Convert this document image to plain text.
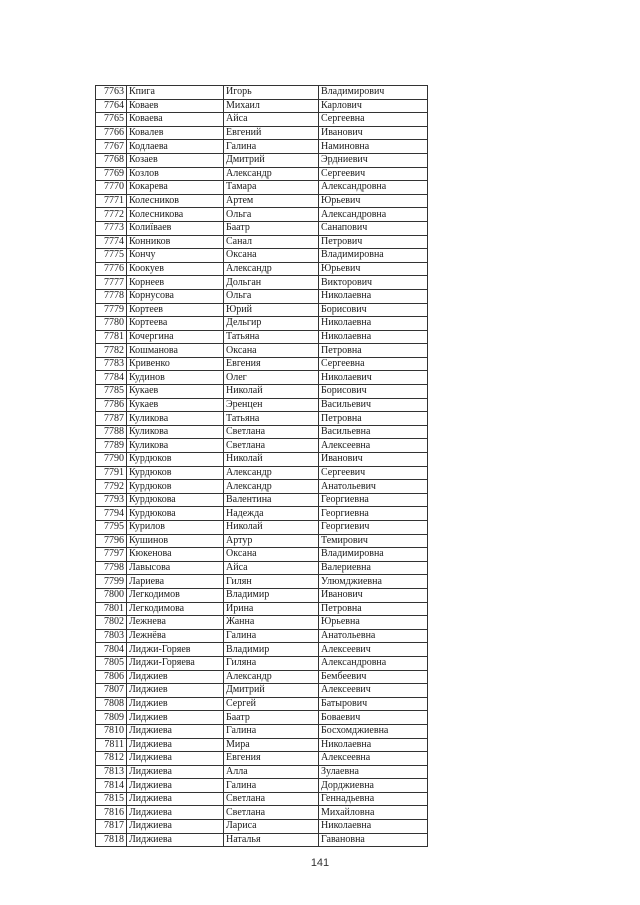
7763	Кпига	Игорь	Владимирович
7764	Коваев	Михаил	Карлович
7765	Коваева	Айса	Сергеевна
7766	Ковалев	Евгений	Иванович
7767	Кодлаева	Галина	Наминовна
7768	Козаев	Дмитрий	Эрдниевич
7769	Козлов	Александр	Сергеевич
7770	Кокарева	Тамара	Александровна
7771	Колесников	Артем	Юрьевич
7772	Колесникова	Ольга	Александровна
7773	Колиїваев	Баатр	Санапович
7774	Конников	Санал	Петрович
7775	Кончу	Оксана	Владимировна
7776	Коокуев	Александр	Юрьевич
7777	Корнеев	Дольган	Викторович
7778	Корнусова	Ольга	Николаевна
7779	Кортеев	Юрий	Борисович
7780	Кортеева	Дельгир	Николаевна
7781	Кочергина	Татьяна	Николаевна
7782	Кошманова	Оксана	Петровна
7783	Кривенко	Евгения	Сергеевна
7784	Кудинов	Олег	Николаевич
7785	Кукаев	Николай	Борисович
7786	Кукаев	Эренцен	Васильевич
7787	Куликова	Татьяна	Петровна
7788	Куликова	Светлана	Васильевна
7789	Куликова	Светлана	Алексеевна
7790	Курдюков	Николай	Иванович
7791	Курдюков	Александр	Сергеевич
7792	Курдюков	Александр	Анатольевич
7793	Курдюкова	Валентина	Георгиевна
7794	Курдюкова	Надежда	Георгиевна
7795	Курилов	Николай	Георгиевич
7796	Кушинов	Артур	Темирович
7797	Кюкенова	Оксана	Владимировна
7798	Лавысова	Айса	Валериевна
7799	Лариева	Гилян	Улюмджиевна
7800	Легкодимов	Владимир	Иванович
7801	Легкодимова	Ирина	Петровна
7802	Лежнева	Жанна	Юрьевна
7803	Лежнёва	Галина	Анатольевна
7804	Лиджи-Горяев	Владимир	Алексеевич
7805	Лиджи-Горяева	Гиляна	Александровна
7806	Лиджиев	Александр	Бембеевич
7807	Лиджиев	Дмитрий	Алексеевич
7808	Лиджиев	Сергей	Батырович
7809	Лиджиев	Баатр	Боваевич
7810	Лиджиева	Галина	Босхомджиевна
7811	Лиджиева	Мира	Николаевна
7812	Лиджиева	Евгения	Алексеевна
7813	Лиджиева	Алла	Зулаевна
7814	Лиджиева	Галина	Дорджиевна
7815	Лиджиева	Светлана	Геннадьевна
7816	Лиджиева	Светлана	Михайловна
7817	Лиджиева	Лариса	Николаевна
7818	Лиджиева	Наталья	Гавановна
141
